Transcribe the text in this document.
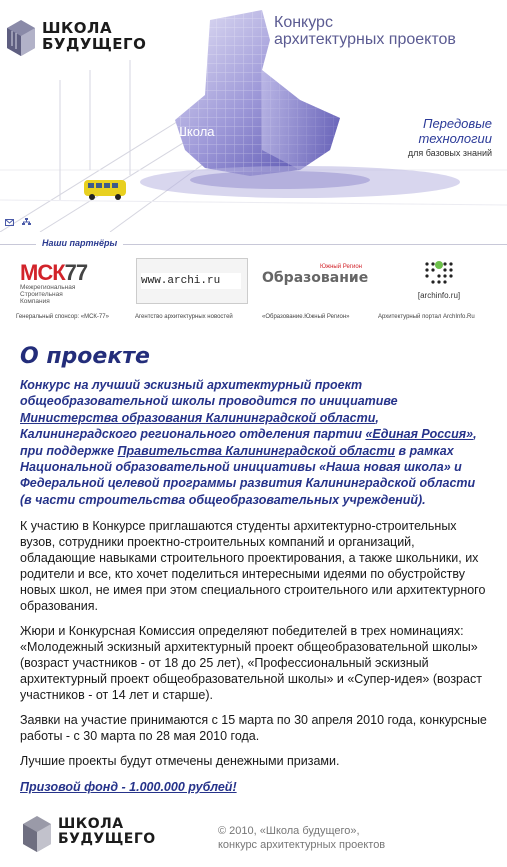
ШКОЛА
БУДУЩЕГО
Конкурс
архитектурных проектов
Школа
Передовые технологии
для базовых знаний
Наши партнёры
МСК77
Межрегиональная
Строительная
Компания
www.archi.ru
Южный Регион
Образование
[archinfo.ru]
Генеральный спонсор: «МСК-77»	Агентство архитектурных новостей	«Образование.Южный Регион»	Архитектурный портал ArchInfo.Ru
О проекте

Конкурс на лучший эскизный архитектурный проект общеобразовательной школы проводится по инициативе Министерства образования Калининградской области, Калининградского регионального отделения партии «Единая Россия», при поддержке Правительства Калининградской области в рамках Национальной образовательной инициативы «Наша новая школа» и Федеральной целевой программы развития Калининградской области (в части строительства общеобразовательных учреждений).

К участию в Конкурсе приглашаются студенты архитектурно-строительных вузов, сотрудники проектно-строительных компаний и организаций, обладающие навыками строительного проектирования, а также школьники, их родители и все, кто хочет поделиться интересными идеями по обустройству новых школ, не имея при этом специального строительного или архитектурного образования.

Жюри и Конкурсная Комиссия определяют победителей в трех номинациях: «Молодежный эскизный архитектурный проект общеобразовательной школы» (возраст участников - от 18 до 25 лет), «Профессиональный эскизный архитектурный проект общеобразовательной школы» и «Супер-идея» (возраст участников - от 14 лет и старше).

Заявки на участие принимаются с 15 марта по 30 апреля 2010 года, конкурсные работы - с 30 марта по 28 мая 2010 года.

Лучшие проекты будут отмечены денежными призами.

Призовой фонд - 1.000.000 рублей!
ШКОЛА
БУДУЩЕГО	© 2010, «Школа будущего»,
конкурс архитектурных проектов
